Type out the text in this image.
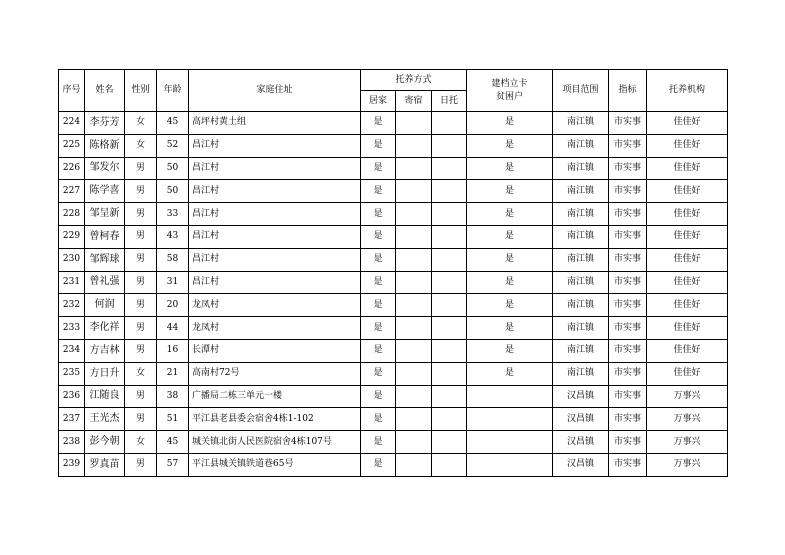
序号	姓名	性别	年龄	家庭住址	托养方式			建档立卡
贫困户	项目范围	指标	托养机构
					居家	寄宿	日托				
224	李芬芳	女	45	高坪村黄土组	是			是	南江镇	市实事	佳佳好
225	陈格新	女	52	昌江村	是			是	南江镇	市实事	佳佳好
226	邹发尔	男	50	昌江村	是			是	南江镇	市实事	佳佳好
227	陈学喜	男	50	昌江村	是			是	南江镇	市实事	佳佳好
228	邹呈新	男	33	昌江村	是			是	南江镇	市实事	佳佳好
229	曾柯春	男	43	昌江村	是			是	南江镇	市实事	佳佳好
230	邹辉球	男	58	昌江村	是			是	南江镇	市实事	佳佳好
231	曾礼强	男	31	昌江村	是			是	南江镇	市实事	佳佳好
232	何润	男	20	龙凤村	是			是	南江镇	市实事	佳佳好
233	李化祥	男	44	龙凤村	是			是	南江镇	市实事	佳佳好
234	方吉林	男	16	长潭村	是			是	南江镇	市实事	佳佳好
235	方日升	女	21	高南村72号	是			是	南江镇	市实事	佳佳好
236	江随良	男	38	广播局二栋三单元一楼	是				汉昌镇	市实事	万事兴
237	王光杰	男	51	平江县老县委会宿舍4栋1-102	是				汉昌镇	市实事	万事兴
238	彭今朝	女	45	城关镇北街人民医院宿舍4栋107号	是				汉昌镇	市实事	万事兴
239	罗真苗	男	57	平江县城关镇铁道巷65号	是				汉昌镇	市实事	万事兴
